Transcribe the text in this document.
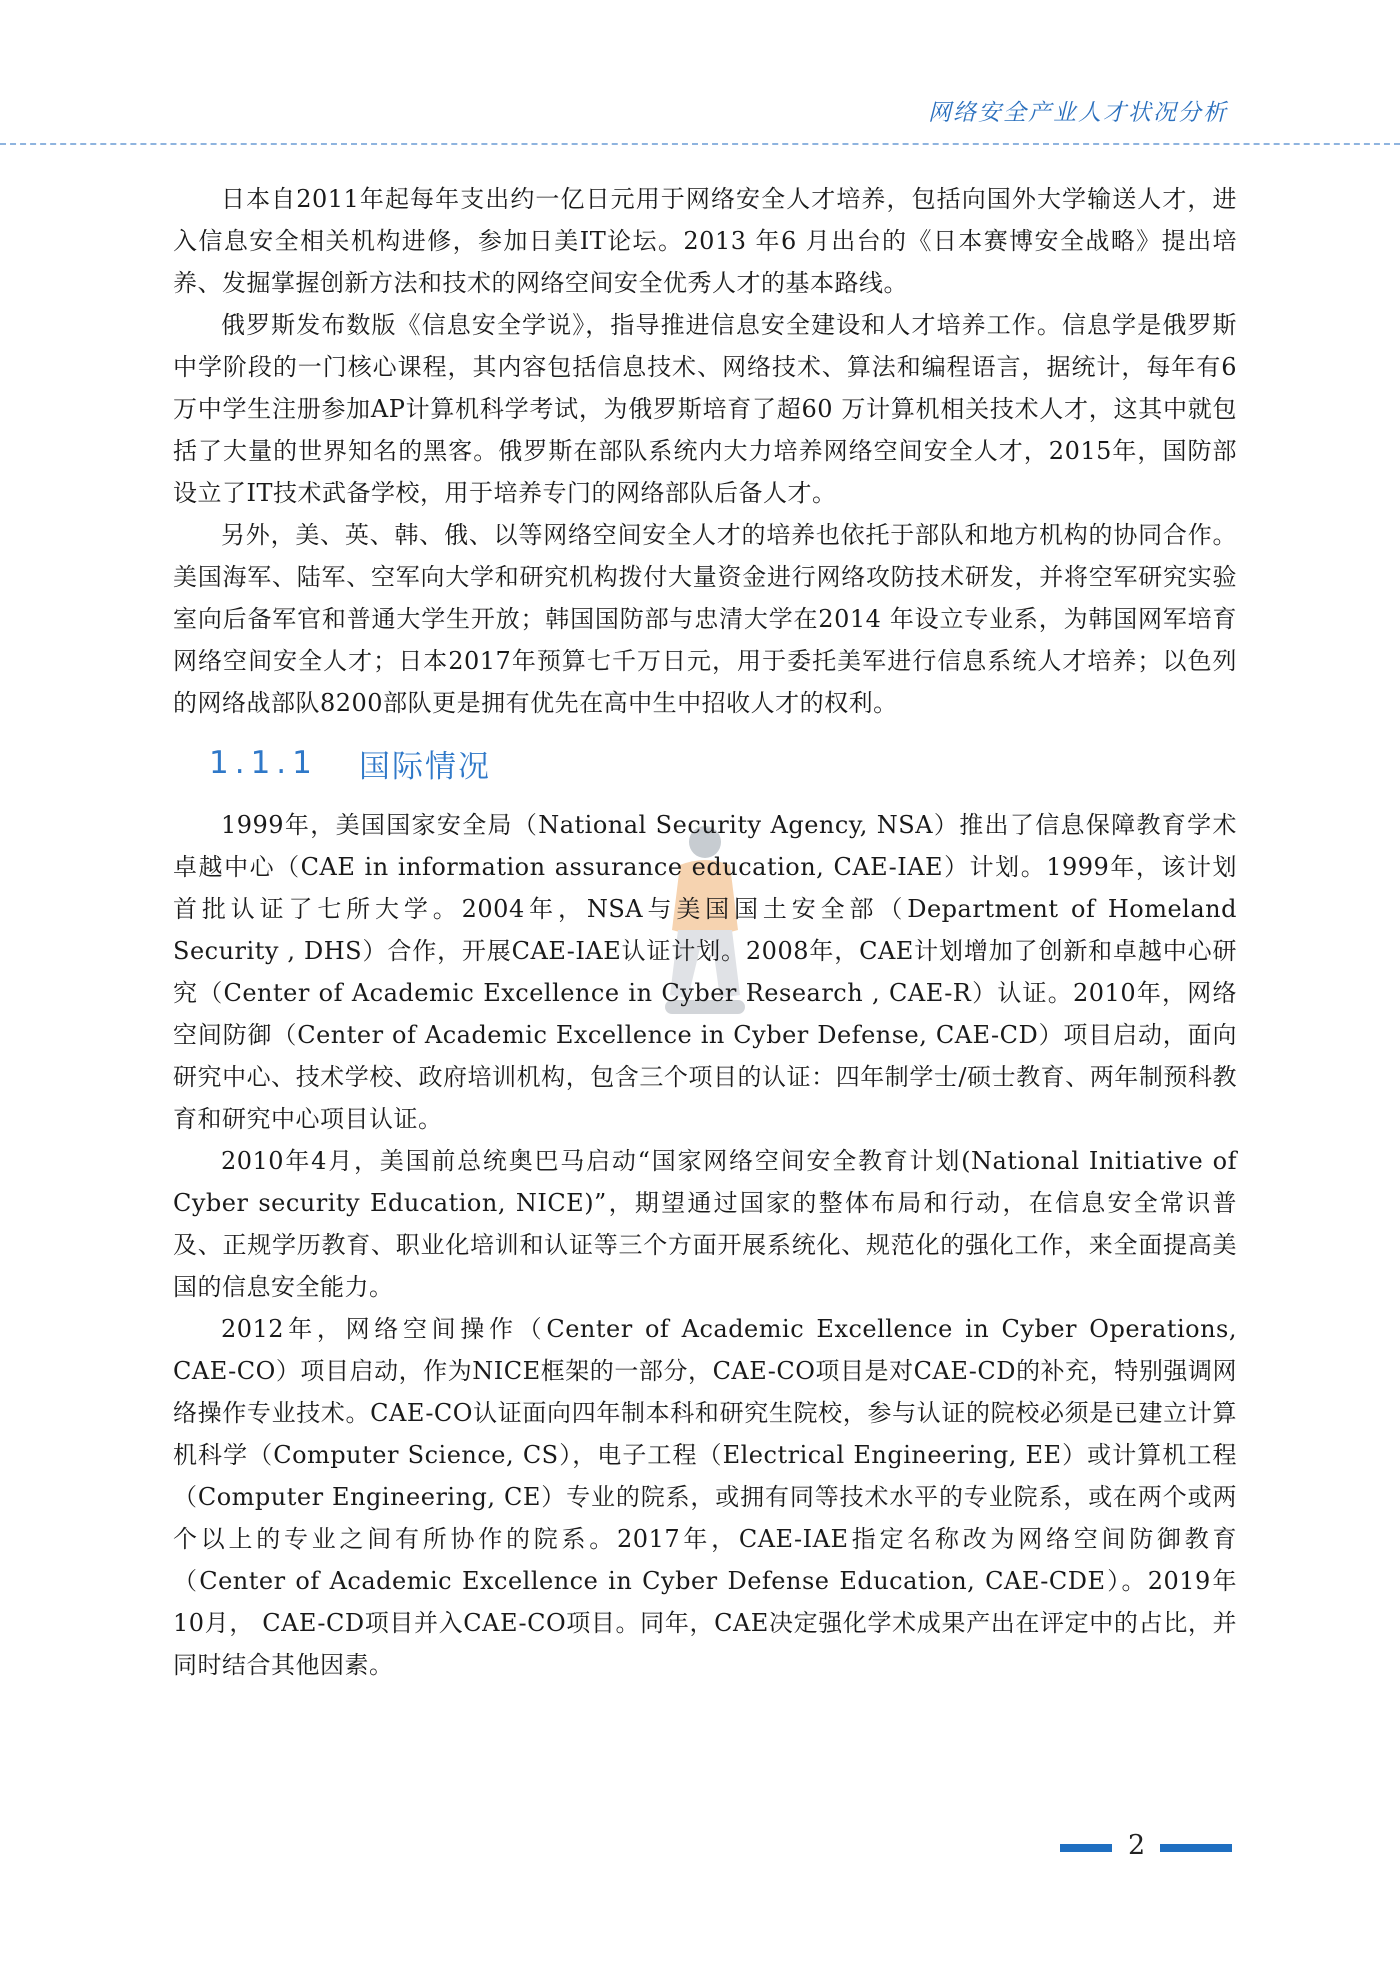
网络安全产业人才状况分析

日本自2011年起每年支出约一亿日元用于网络安全人才培养，包括向国外大学输送人才，进入信息安全相关机构进修，参加日美IT论坛。2013 年6 月出台的《日本赛博安全战略》提出培养、发掘掌握创新方法和技术的网络空间安全优秀人才的基本路线。

俄罗斯发布数版《信息安全学说》，指导推进信息安全建设和人才培养工作。信息学是俄罗斯中学阶段的一门核心课程，其内容包括信息技术、网络技术、算法和编程语言，据统计，每年有6万中学生注册参加AP计算机科学考试，为俄罗斯培育了超60 万计算机相关技术人才，这其中就包括了大量的世界知名的黑客。俄罗斯在部队系统内大力培养网络空间安全人才，2015年，国防部设立了IT技术武备学校，用于培养专门的网络部队后备人才。

另外，美、英、韩、俄、以等网络空间安全人才的培养也依托于部队和地方机构的协同合作。美国海军、陆军、空军向大学和研究机构拨付大量资金进行网络攻防技术研发，并将空军研究实验室向后备军官和普通大学生开放；韩国国防部与忠清大学在2014 年设立专业系，为韩国网军培育网络空间安全人才；日本2017年预算七千万日元，用于委托美军进行信息系统人才培养；以色列的网络战部队8200部队更是拥有优先在高中生中招收人才的权利。

1.1.1	国际情况

1999年，美国国家安全局（National Security Agency, NSA）推出了信息保障教育学术卓越中心（CAE in information assurance education, CAE-IAE）计划。1999年，该计划首批认证了七所大学。2004年，NSA与美国国土安全部（Department of Homeland Security , DHS）合作，开展CAE-IAE认证计划。2008年，CAE计划增加了创新和卓越中心研究（Center of Academic Excellence in Cyber Research , CAE-R）认证。2010年，网络空间防御（Center of Academic Excellence in Cyber Defense, CAE-CD）项目启动，面向研究中心、技术学校、政府培训机构，包含三个项目的认证：四年制学士/硕士教育、两年制预科教育和研究中心项目认证。

2010年4月，美国前总统奥巴马启动“国家网络空间安全教育计划(National Initiative of Cyber security Education, NICE)”，期望通过国家的整体布局和行动，在信息安全常识普及、正规学历教育、职业化培训和认证等三个方面开展系统化、规范化的强化工作，来全面提高美国的信息安全能力。

2012年，网络空间操作（Center of Academic Excellence in Cyber Operations, CAE-CO）项目启动，作为NICE框架的一部分，CAE-CO项目是对CAE-CD的补充，特别强调网络操作专业技术。CAE-CO认证面向四年制本科和研究生院校，参与认证的院校必须是已建立计算机科学（Computer Science, CS），电子工程（Electrical Engineering, EE）或计算机工程（Computer Engineering, CE）专业的院系，或拥有同等技术水平的专业院系，或在两个或两个以上的专业之间有所协作的院系。2017年，CAE-IAE指定名称改为网络空间防御教育（Center of Academic Excellence in Cyber Defense Education, CAE-CDE）。2019年10月， CAE-CD项目并入CAE-CO项目。同年，CAE决定强化学术成果产出在评定中的占比，并同时结合其他因素。

2
